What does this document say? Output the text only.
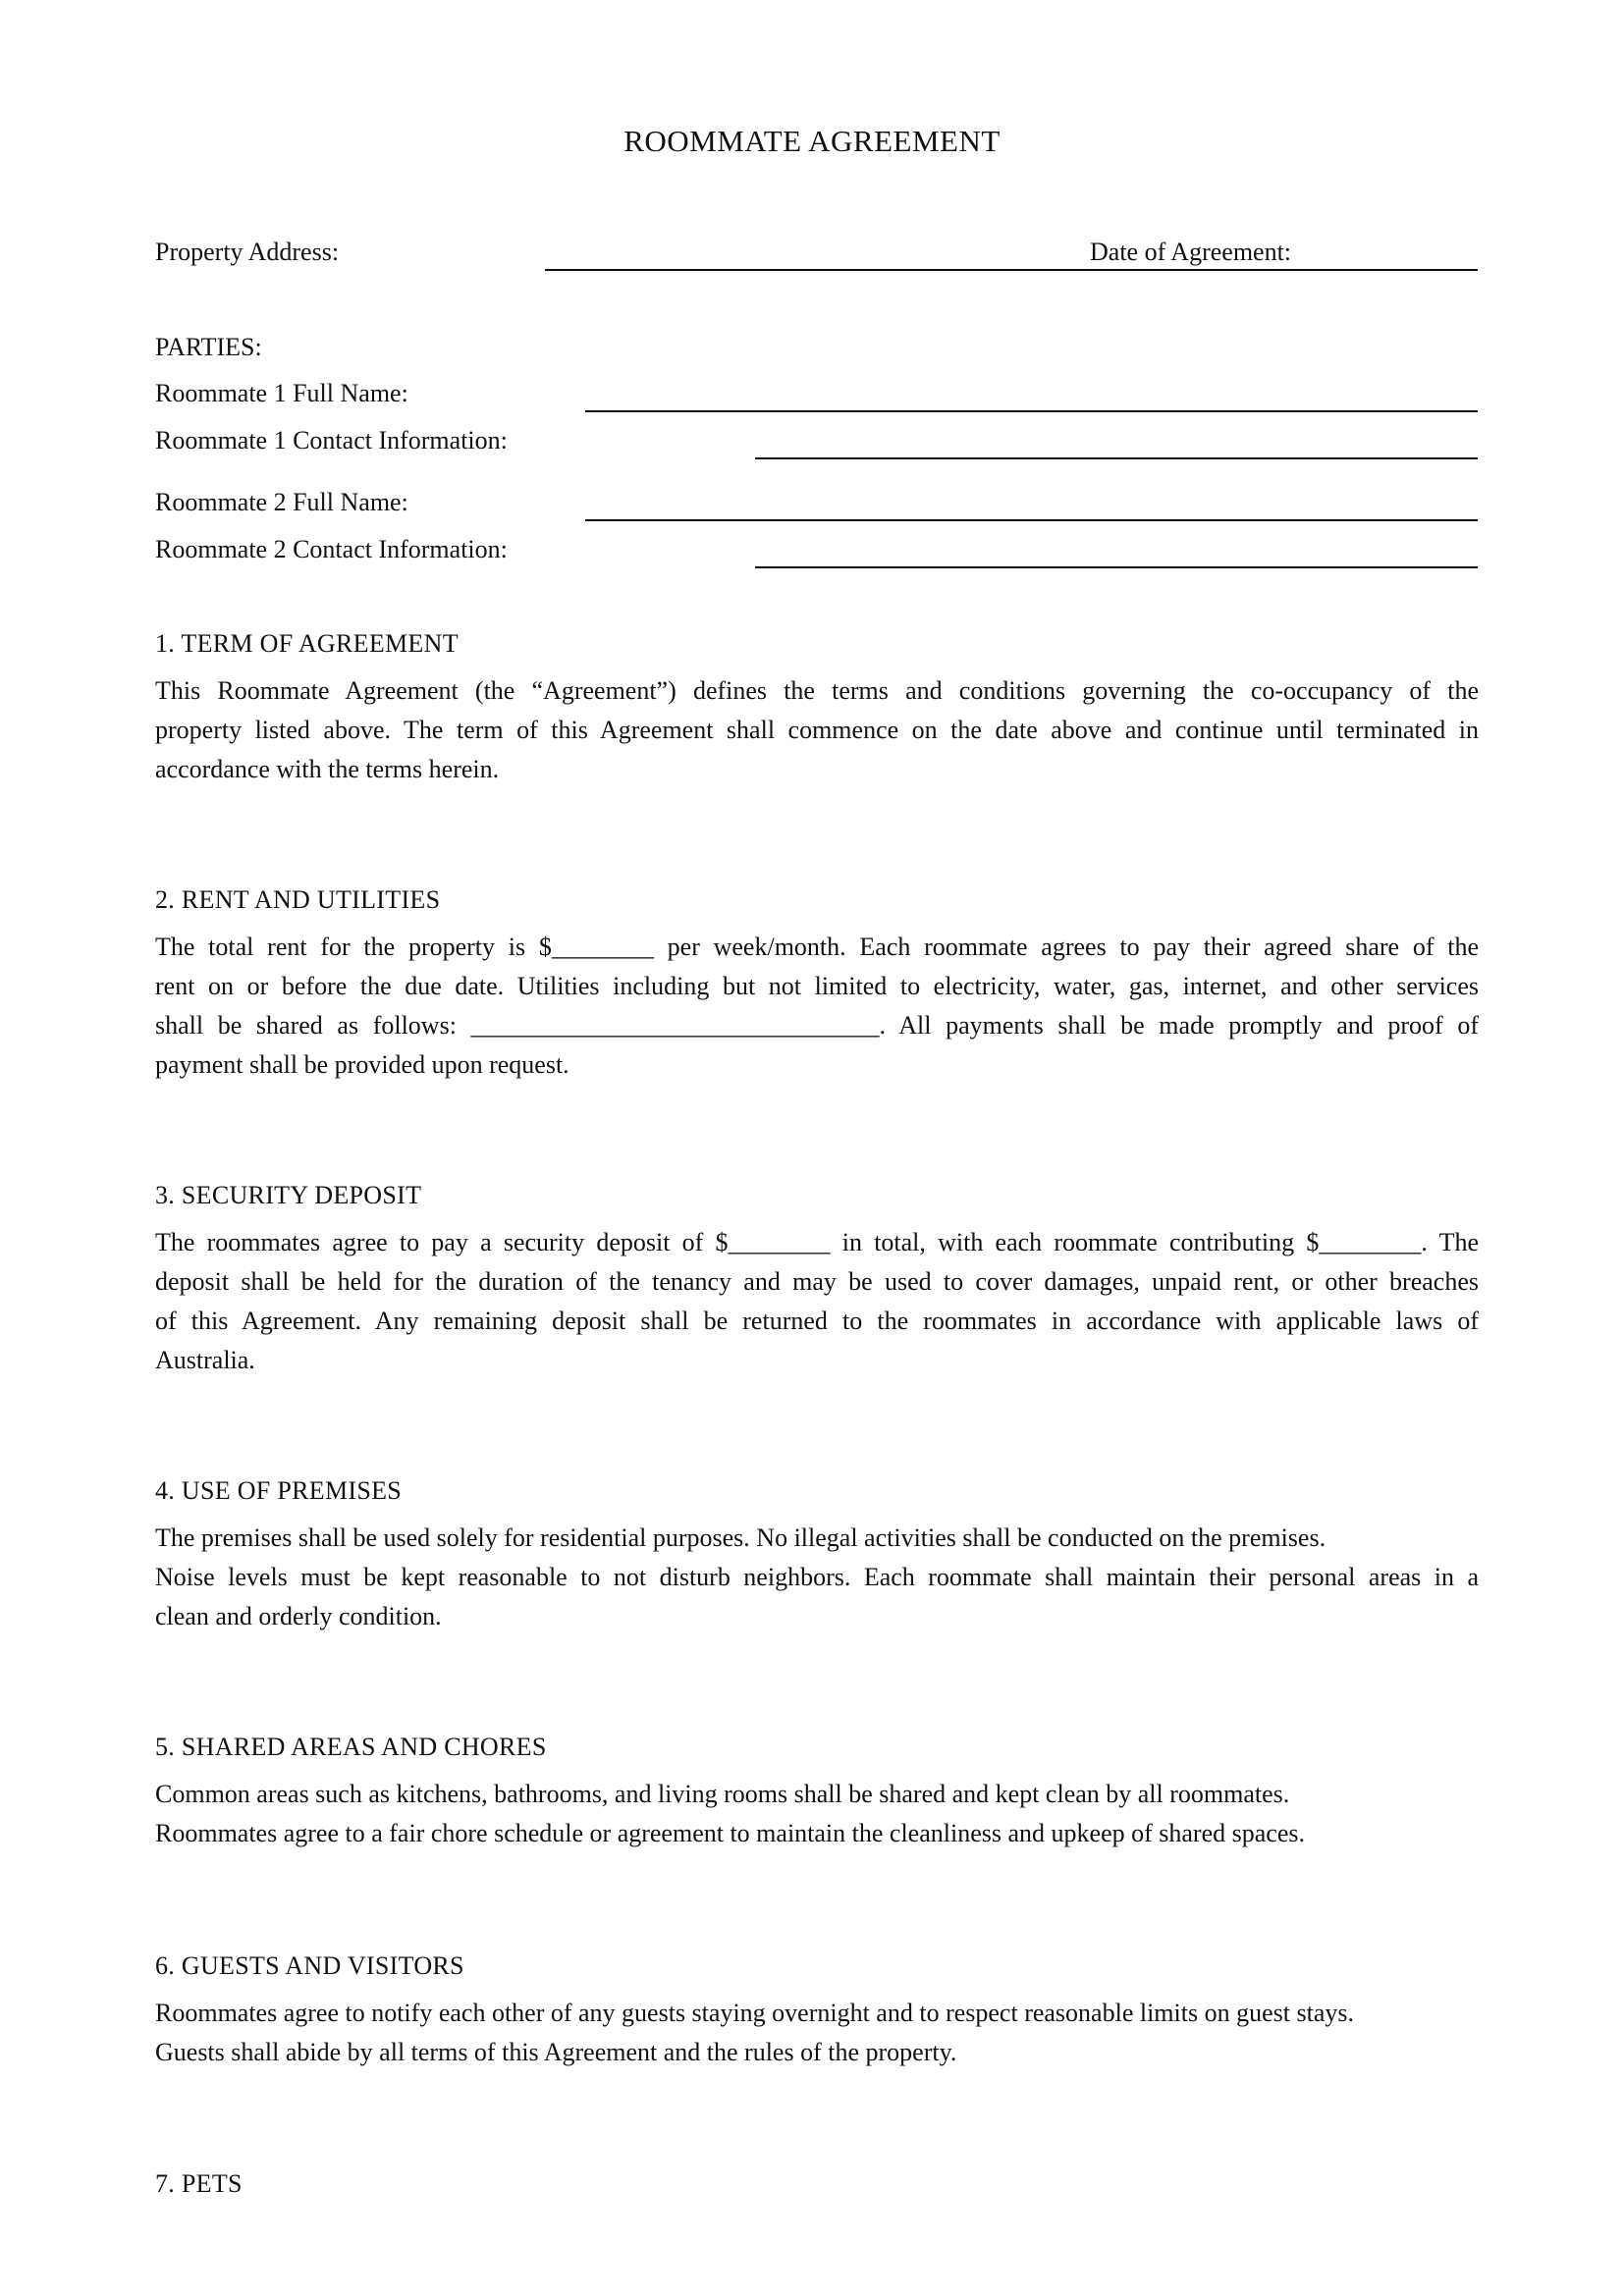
ROOMMATE AGREEMENT
Property Address:	Date of Agreement:
PARTIES:
Roommate 1 Full Name:
Roommate 1 Contact Information:
Roommate 2 Full Name:
Roommate 2 Contact Information:
1. TERM OF AGREEMENT
This Roommate Agreement (the “Agreement”) defines the terms and conditions governing the co-occupancy of the
property listed above. The term of this Agreement shall commence on the date above and continue until terminated in
accordance with the terms herein.
2. RENT AND UTILITIES
The total rent for the property is $________ per week/month. Each roommate agrees to pay their agreed share of the
rent on or before the due date. Utilities including but not limited to electricity, water, gas, internet, and other services
shall be shared as follows: ________________________________. All payments shall be made promptly and proof of
payment shall be provided upon request.
3. SECURITY DEPOSIT
The roommates agree to pay a security deposit of $________ in total, with each roommate contributing $________. The
deposit shall be held for the duration of the tenancy and may be used to cover damages, unpaid rent, or other breaches
of this Agreement. Any remaining deposit shall be returned to the roommates in accordance with applicable laws of
Australia.
4. USE OF PREMISES
The premises shall be used solely for residential purposes. No illegal activities shall be conducted on the premises.
Noise levels must be kept reasonable to not disturb neighbors. Each roommate shall maintain their personal areas in a
clean and orderly condition.
5. SHARED AREAS AND CHORES
Common areas such as kitchens, bathrooms, and living rooms shall be shared and kept clean by all roommates.
Roommates agree to a fair chore schedule or agreement to maintain the cleanliness and upkeep of shared spaces.
6. GUESTS AND VISITORS
Roommates agree to notify each other of any guests staying overnight and to respect reasonable limits on guest stays.
Guests shall abide by all terms of this Agreement and the rules of the property.
7. PETS
